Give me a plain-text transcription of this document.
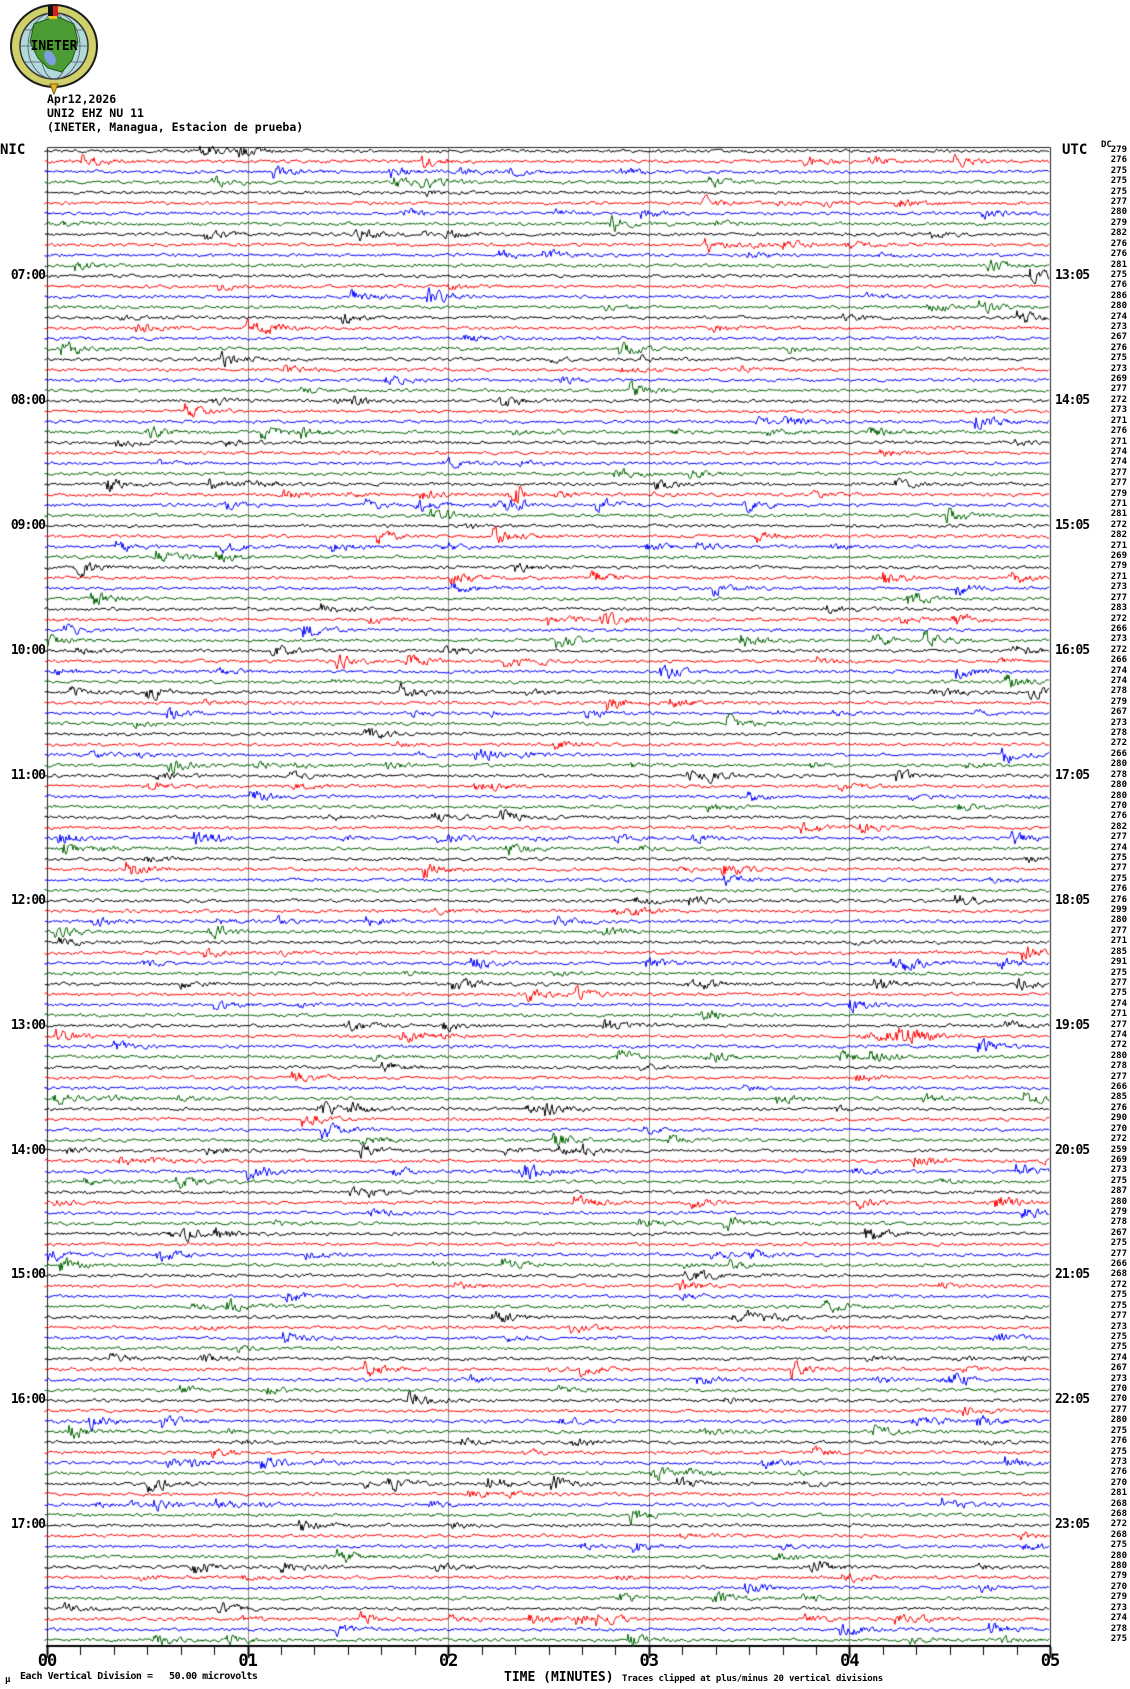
07:00
08:00
09:00
10:00
11:00
12:00
13:00
14:00
15:00
16:00
17:00
13:05
14:05
15:05
16:05
17:05
18:05
19:05
20:05
21:05
22:05
23:05
279
276
275
275
275
277
280
279
282
276
276
281
275
276
286
280
274
273
267
276
275
273
269
277
272
273
271
276
271
274
274
277
277
279
271
281
272
282
271
269
279
271
273
277
283
272
266
273
272
266
274
274
278
279
267
273
278
272
266
280
278
280
280
270
276
282
277
274
275
277
275
276
276
299
280
277
271
285
291
275
277
275
274
271
277
274
272
280
278
277
266
285
276
290
270
272
259
269
273
275
287
280
279
278
267
275
277
266
268
272
275
275
277
273
275
275
274
267
273
270
270
277
280
275
276
275
273
276
270
281
268
268
272
268
275
280
280
279
270
279
273
274
278
275
00	01	02	03	04	05
µ Each Vertical Division =   50.00 microvolts	TIME (MINUTES) Traces clipped at plus/minus 20 vertical divisions
